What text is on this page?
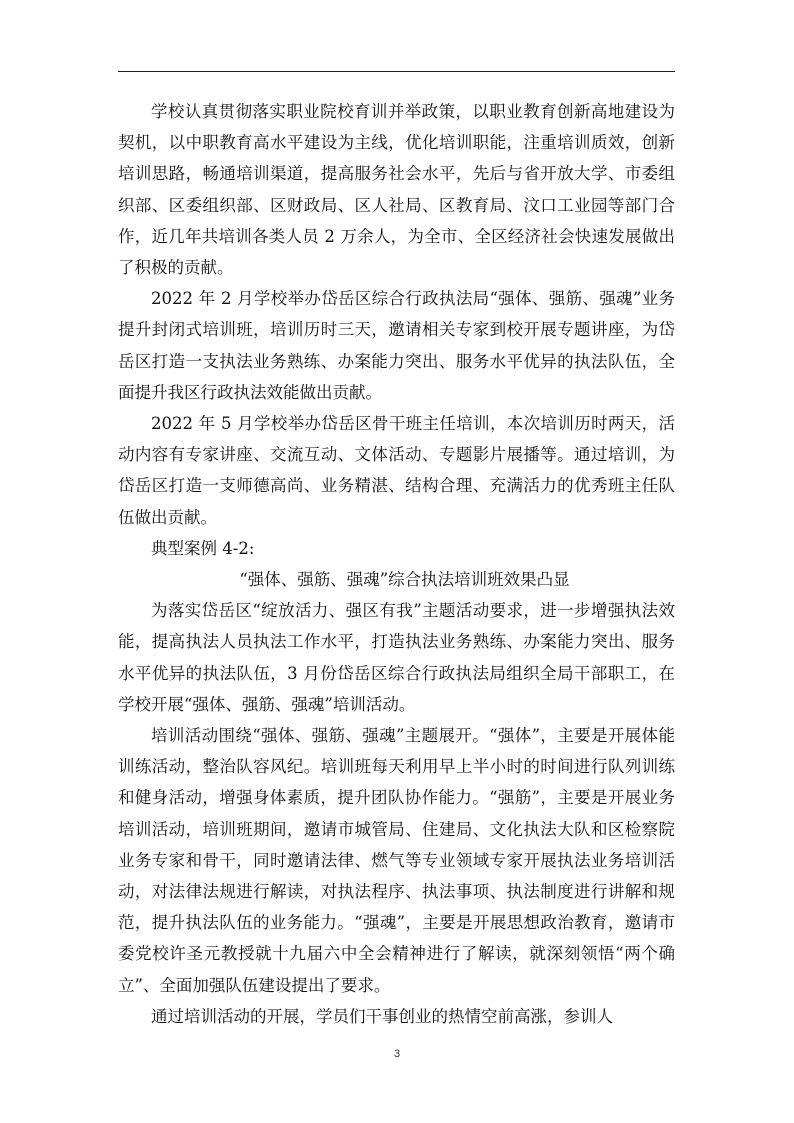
学校认真贯彻落实职业院校育训并举政策，以职业教育创新高地建设为契机，以中职教育高水平建设为主线，优化培训职能，注重培训质效，创新培训思路，畅通培训渠道，提高服务社会水平，先后与省开放大学、市委组织部、区委组织部、区财政局、区人社局、区教育局、汶口工业园等部门合作，近几年共培训各类人员 2 万余人，为全市、全区经济社会快速发展做出了积极的贡献。

2022 年 2 月学校举办岱岳区综合行政执法局“强体、强筋、强魂”业务提升封闭式培训班，培训历时三天，邀请相关专家到校开展专题讲座，为岱岳区打造一支执法业务熟练、办案能力突出、服务水平优异的执法队伍，全面提升我区行政执法效能做出贡献。

2022 年 5 月学校举办岱岳区骨干班主任培训，本次培训历时两天，活动内容有专家讲座、交流互动、文体活动、专题影片展播等。通过培训，为岱岳区打造一支师德高尚、业务精湛、结构合理、充满活力的优秀班主任队伍做出贡献。

典型案例 4-2:

“强体、强筋、强魂”综合执法培训班效果凸显

为落实岱岳区“绽放活力、强区有我”主题活动要求，进一步增强执法效能，提高执法人员执法工作水平，打造执法业务熟练、办案能力突出、服务水平优异的执法队伍，3 月份岱岳区综合行政执法局组织全局干部职工，在学校开展“强体、强筋、强魂”培训活动。

培训活动围绕“强体、强筋、强魂”主题展开。“强体”，主要是开展体能训练活动，整治队容风纪。培训班每天利用早上半小时的时间进行队列训练和健身活动，增强身体素质，提升团队协作能力。“强筋”，主要是开展业务培训活动，培训班期间，邀请市城管局、住建局、文化执法大队和区检察院业务专家和骨干，同时邀请法律、燃气等专业领域专家开展执法业务培训活动，对法律法规进行解读，对执法程序、执法事项、执法制度进行讲解和规范，提升执法队伍的业务能力。“强魂”，主要是开展思想政治教育，邀请市委党校许圣元教授就十九届六中全会精神进行了解读，就深刻领悟“两个确立”、全面加强队伍建设提出了要求。

通过培训活动的开展，学员们干事创业的热情空前高涨，参训人

3
